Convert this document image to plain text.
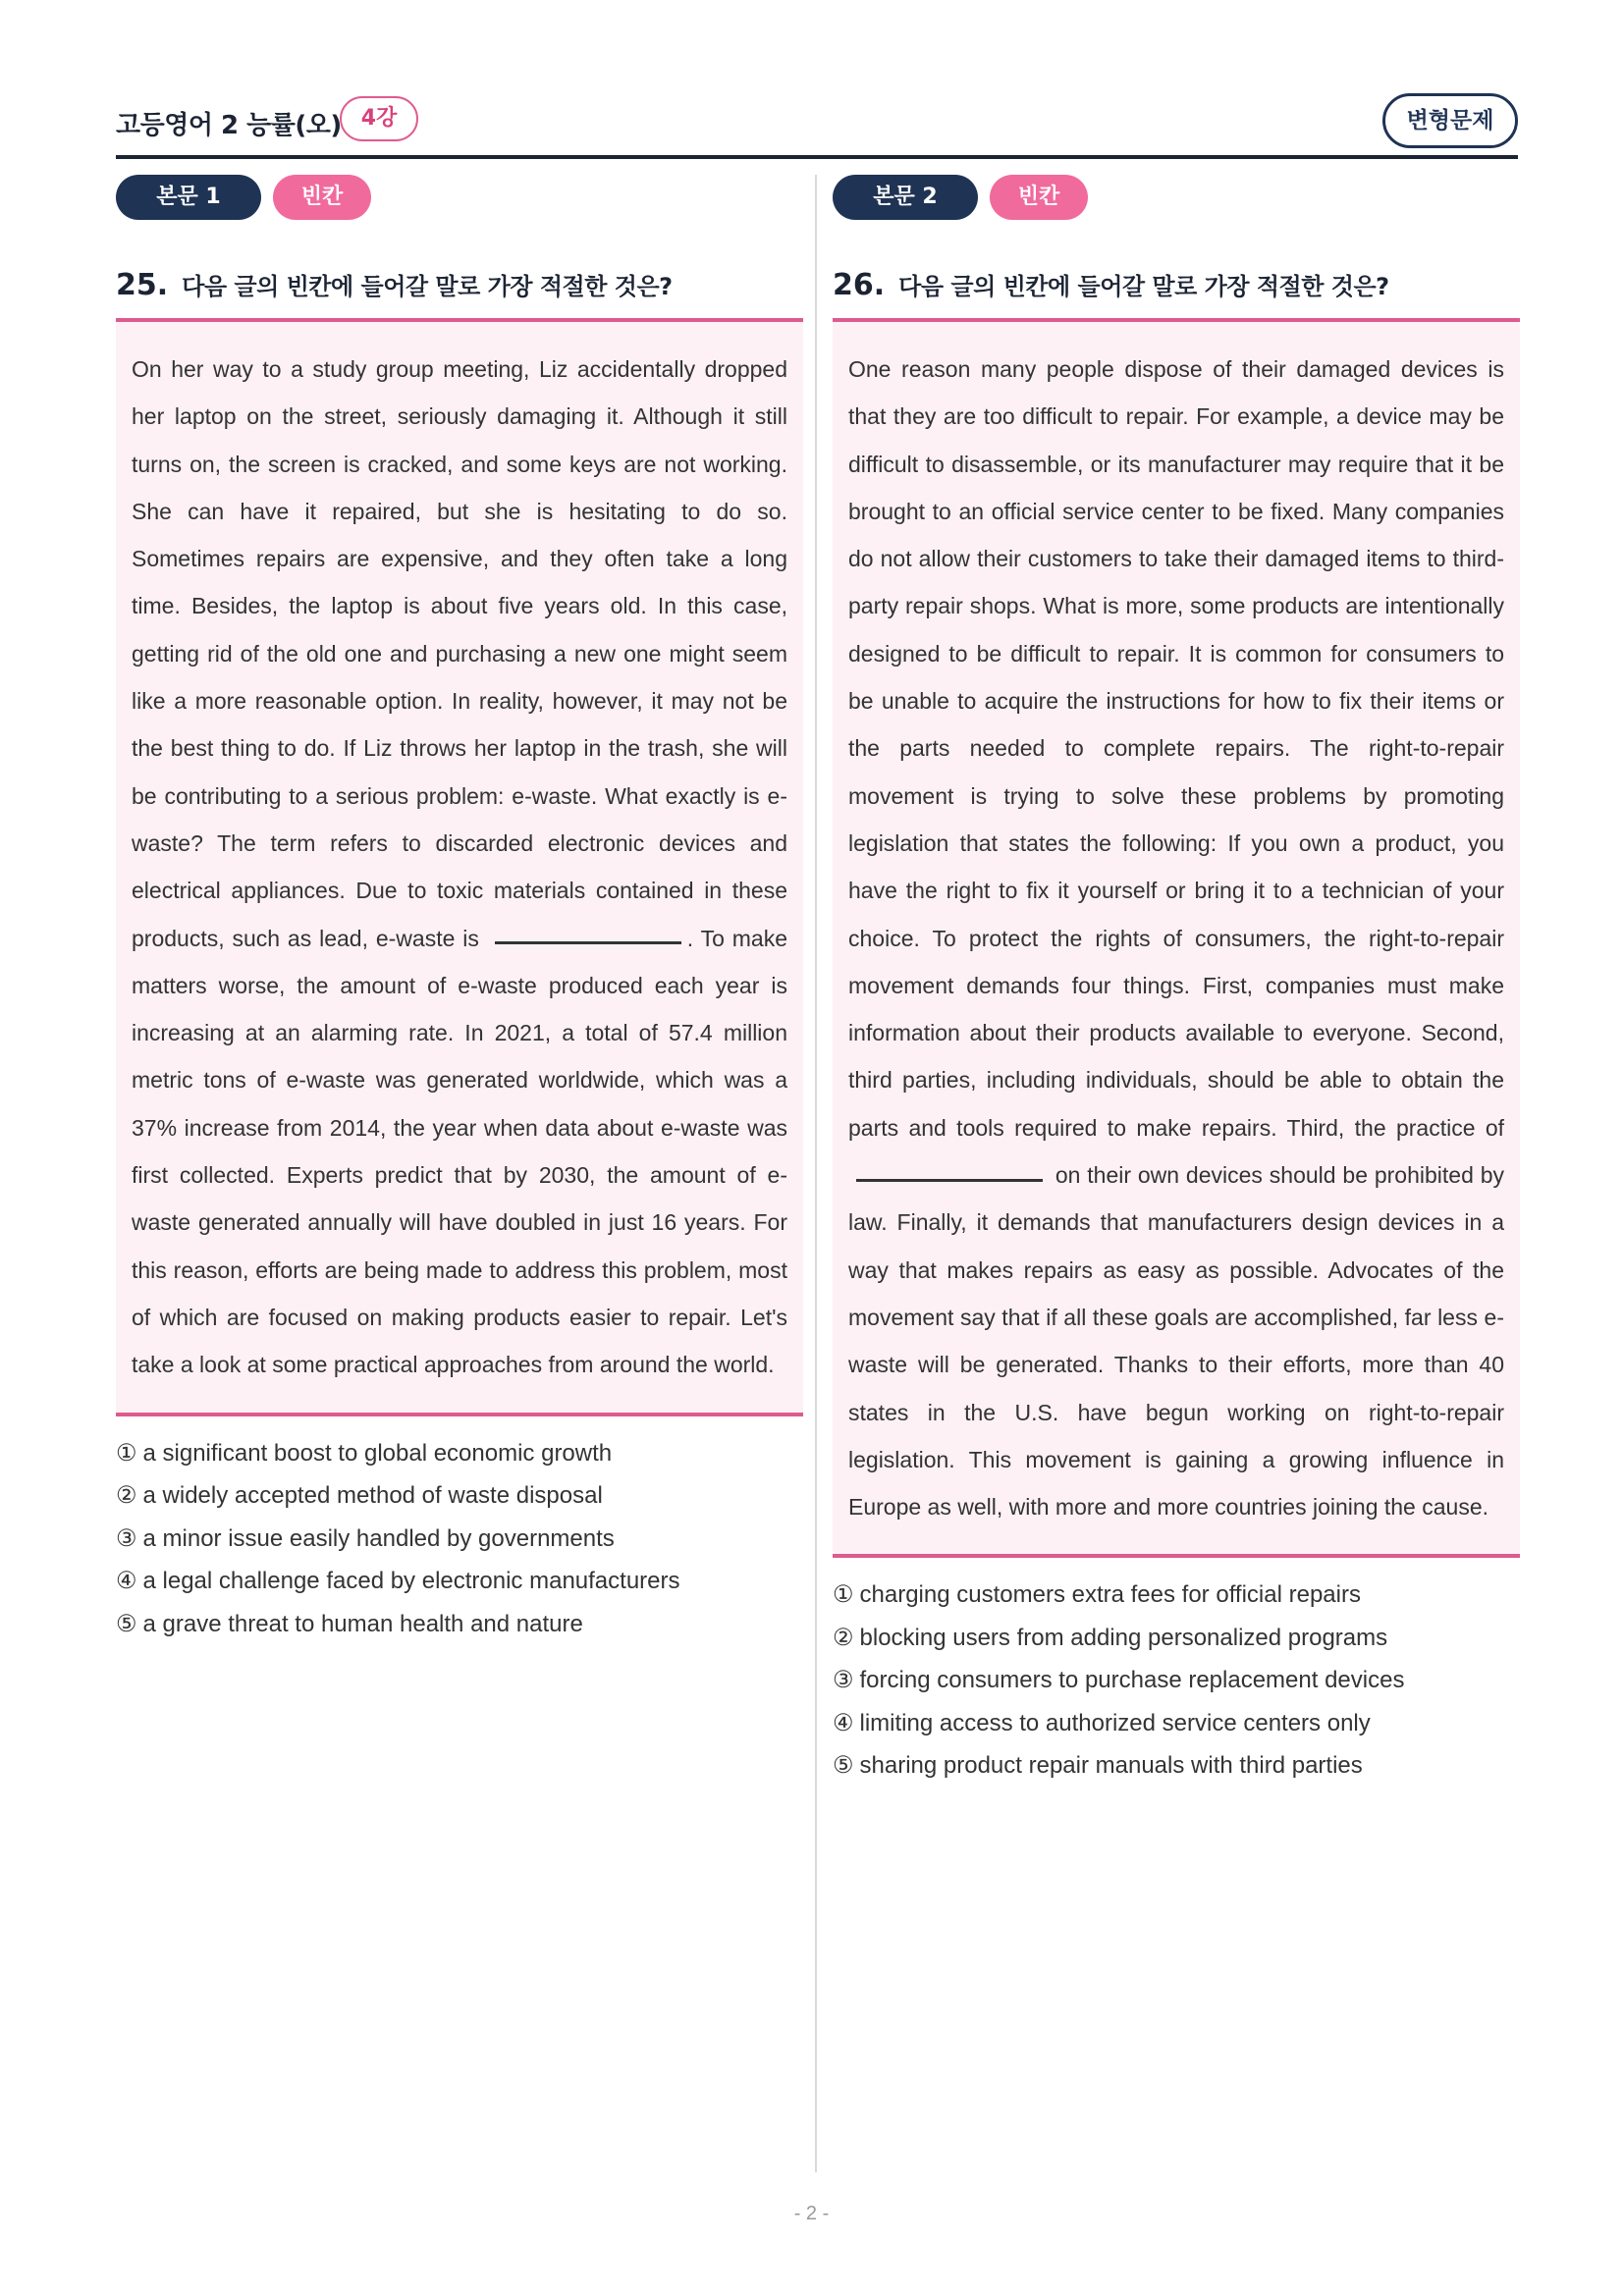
고등영어 2 능률(오) 4강	변형문제
본문 1	빈칸
25. 다음 글의 빈칸에 들어갈 말로 가장 적절한 것은?

On her way to a study group meeting, Liz accidentally dropped her laptop on the street, seriously damaging it. Although it still turns on, the screen is cracked, and some keys are not working. She can have it repaired, but she is hesitating to do so. Sometimes repairs are expensive, and they often take a long time. Besides, the laptop is about five years old. In this case, getting rid of the old one and purchasing a new one might seem like a more reasonable option. In reality, however, it may not be the best thing to do. If Liz throws her laptop in the trash, she will be contributing to a serious problem: e-waste. What exactly is e-waste? The term refers to discarded electronic devices and electrical appliances. Due to toxic materials contained in these products, such as lead, e-waste is	. To make matters worse, the amount of e-waste produced each year is increasing at an alarming rate. In 2021, a total of 57.4 million metric tons of e-waste was generated worldwide, which was a 37% increase from 2014, the year when data about e-waste was first collected. Experts predict that by 2030, the amount of e-waste generated annually will have doubled in just 16 years. For this reason, efforts are being made to address this problem, most of which are focused on making products easier to repair. Let's take a look at some practical approaches from around the world.

① a significant boost to global economic growth
② a widely accepted method of waste disposal
③ a minor issue easily handled by governments
④ a legal challenge faced by electronic manufacturers
⑤ a grave threat to human health and nature
본문 2	빈칸
26. 다음 글의 빈칸에 들어갈 말로 가장 적절한 것은?

One reason many people dispose of their damaged devices is that they are too difficult to repair. For example, a device may be difficult to disassemble, or its manufacturer may require that it be brought to an official service center to be fixed. Many companies do not allow their customers to take their damaged items to third-party repair shops. What is more, some products are intentionally designed to be difficult to repair. It is common for consumers to be unable to acquire the instructions for how to fix their items or the parts needed to complete repairs. The right-to-repair movement is trying to solve these problems by promoting legislation that states the following: If you own a product, you have the right to fix it yourself or bring it to a technician of your choice. To protect the rights of consumers, the right-to-repair movement demands four things. First, companies must make information about their products available to everyone. Second, third parties, including individuals, should be able to obtain the parts and tools required to make repairs. Third, the practice of  on their own devices should be prohibited by law. Finally, it demands that manufacturers design devices in a way that makes repairs as easy as possible. Advocates of the movement say that if all these goals are accomplished, far less e-waste will be generated. Thanks to their efforts, more than 40 states in the U.S. have begun working on right-to-repair legislation. This movement is gaining a growing influence in Europe as well, with more and more countries joining the cause.

① charging customers extra fees for official repairs
② blocking users from adding personalized programs
③ forcing consumers to purchase replacement devices
④ limiting access to authorized service centers only
⑤ sharing product repair manuals with third parties
- 2 -
